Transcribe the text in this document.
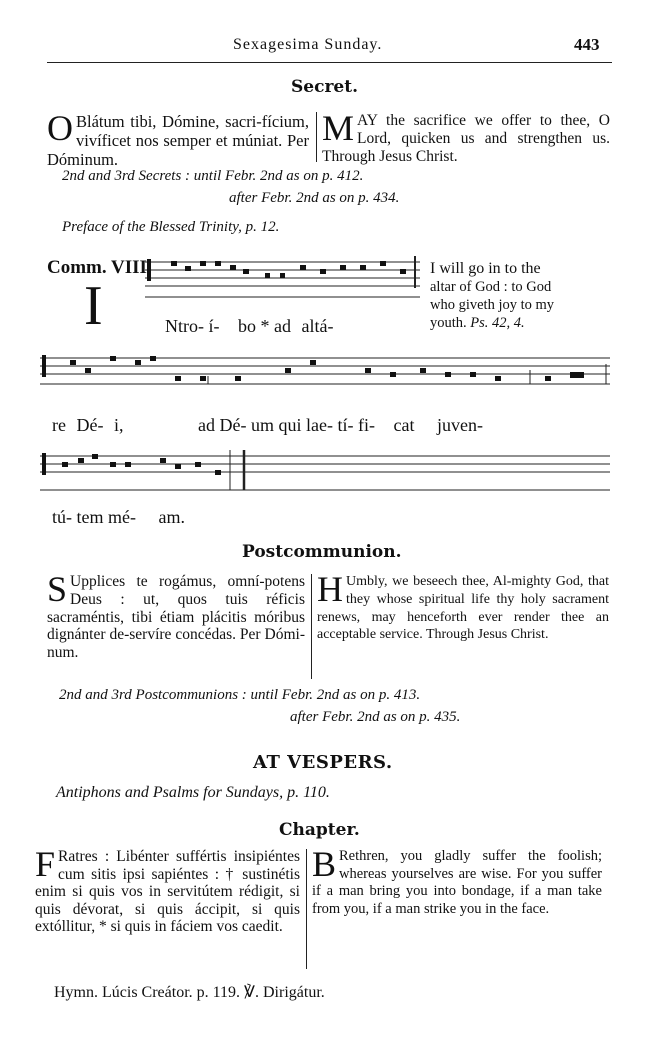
Sexagesima Sunday.	443
Secret.
O Blátum tibi, Dómine, sacri-fícium, vivíficet nos semper et múniat. Per Dóminum.
MAY the sacrifice we offer to thee, O Lord, quicken us and strengthen us. Through Jesus Christ.
2nd and 3rd Secrets : until Febr. 2nd as on p. 412.
after Febr. 2nd as on p. 434.
Preface of the Blessed Trinity, p. 12.
Comm. VIII
I	Ntro- í- bo * ad altá-
I will go in to the
altar of God : to God
who giveth joy to my
youth. Ps. 42, 4.
re Dé- i,	ad Dé- um qui lae- tí- fi- cat juven-
tú- tem mé- am.
Postcommunion.
S Upplices te rogámus, omní-potens Deus : ut, quos tuis réficis sacraméntis, tibi étiam plácitis móribus dignánter de-servíre concédas. Per Dómi-num.
H Umbly, we beseech thee, Al-mighty God, that they whose spiritual life thy holy sacrament renews, may henceforth ever render thee an acceptable service. Through Jesus Christ.
2nd and 3rd Postcommunions : until Febr. 2nd as on p. 413.
after Febr. 2nd as on p. 435.
AT VESPERS.
Antiphons and Psalms for Sundays, p. 110.
Chapter.
F Ratres : Libénter suffértis insipiéntes cum sitis ipsi sapiéntes : † sustinétis enim si quis vos in servitútem rédigit, si quis dévorat, si quis áccipit, si quis extóllitur, * si quis in fáciem vos caedit.
B Rethren, you gladly suffer the foolish; whereas yourselves are wise. For you suffer if a man bring you into bondage, if a man take from you, if a man strike you in the face.
Hymn. Lúcis Creátor. p. 119. ℣. Dirigátur.
